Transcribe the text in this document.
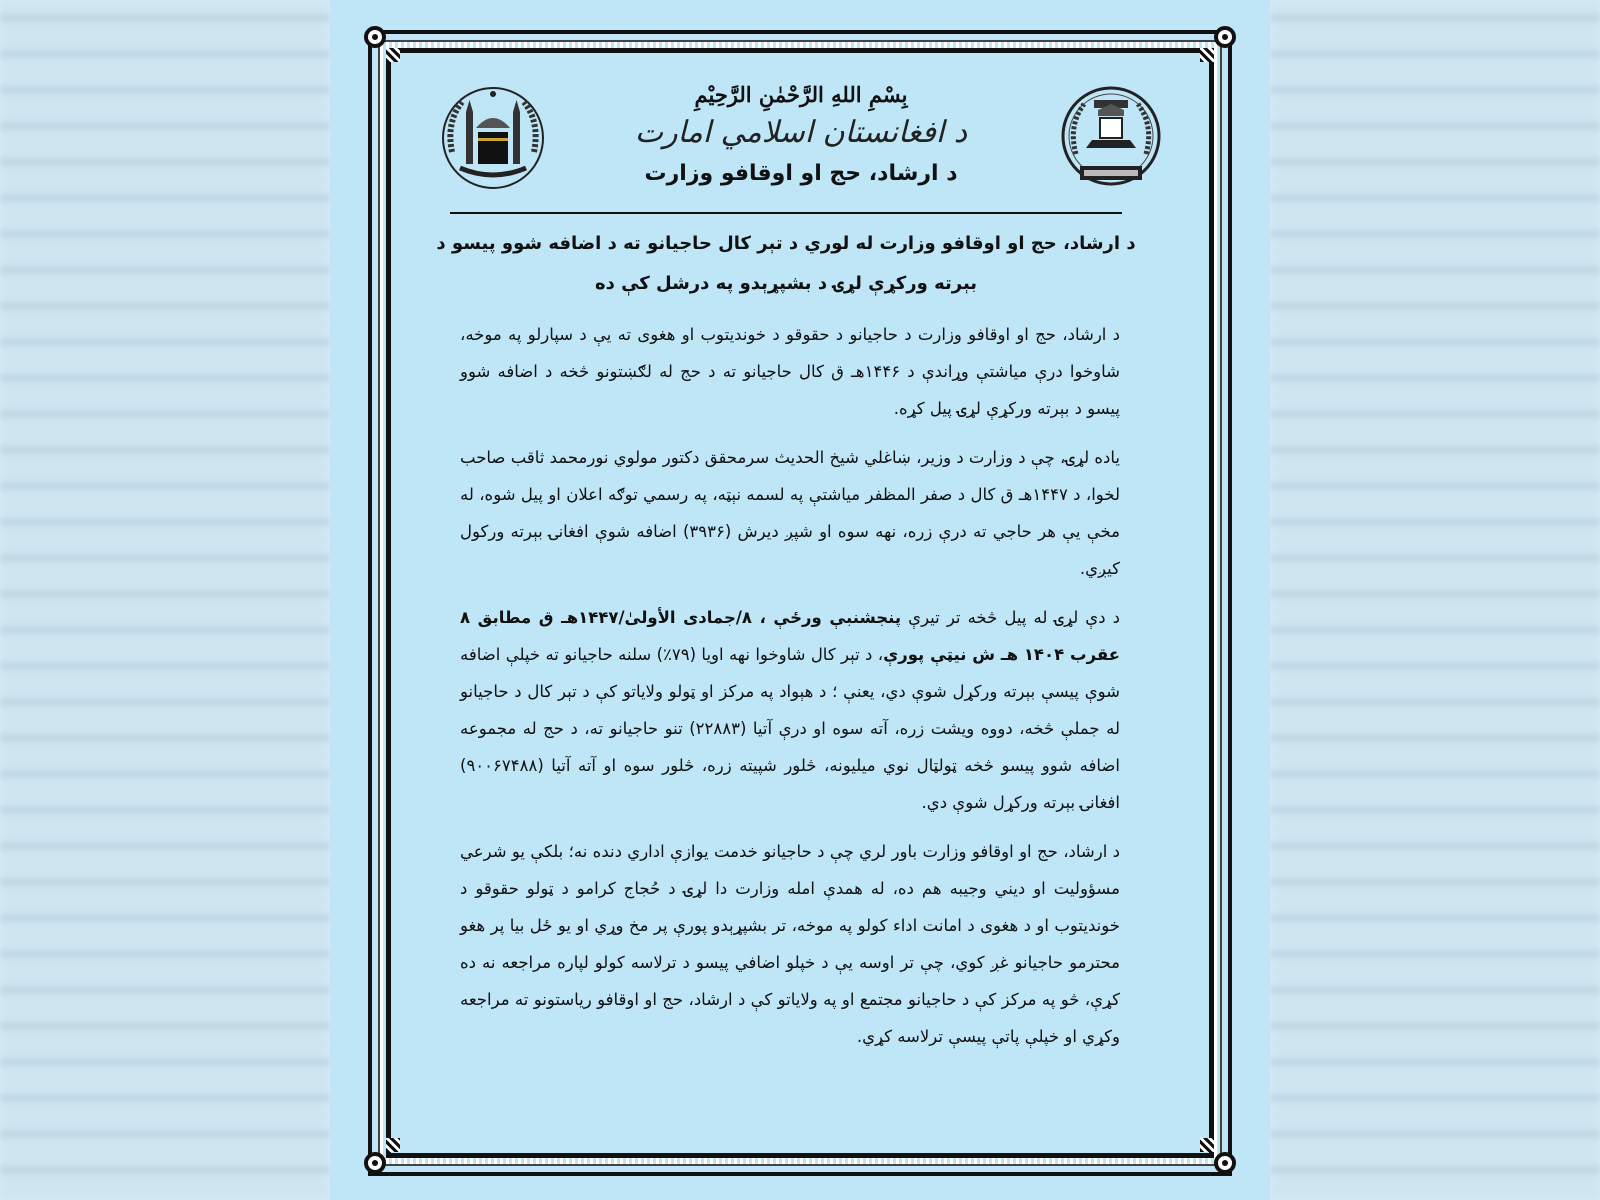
بِسْمِ اللهِ الرَّحْمٰنِ الرَّحِيْمِ
د افغانستان اسلامي امارت
د ارشاد، حج او اوقافو وزارت
د ارشاد، حج او اوقافو وزارت له لوري د تېر کال حاجیانو ته د اضافه شوو پیسو د
بېرته ورکړې لړۍ د بشپړېدو په درشل کې ده

د ارشاد، حج او اوقافو وزارت د حاجیانو د حقوقو د خوندیتوب او هغوی ته یې د سپارلو په موخه، شاوخوا درې میاشتې وړاندې د ۱۴۴۶هـ ق کال حاجیانو ته د حج له لګښتونو څخه د اضافه شوو پیسو د بېرته ورکړې لړۍ پیل کړه.

یاده لړۍ، چې د وزارت د وزیر، ښاغلي شیخ الحدیث سرمحقق دکتور مولوي نورمحمد ثاقب صاحب لخوا، د ۱۴۴۷هـ ق کال د صفر المظفر میاشتې په لسمه نېټه، په رسمي توګه اعلان او پیل شوه، له مخې یې هر حاجي ته درې زره، نهه سوه او شپږ دیرش (۳۹۳۶) اضافه شوې افغانۍ بېرته ورکول کیږي.

د دې لړۍ له پیل څخه تر تیرې پنجشنبې ورځې ، ۸/جمادی الأولیٰ/۱۴۴۷هـ ق مطابق ۸ عقرب ۱۴۰۴ هـ ش نیټې پورې، د تېر کال شاوخوا نهه اویا (۷۹٪) سلنه حاجیانو ته خپلې اضافه شوې پیسې بېرته ورکړل شوې دي، یعنې ؛ د هېواد په مرکز او ټولو ولایاتو کې د تېر کال د حاجیانو له جملې څخه، دووه ویشت زره، آته سوه او درې آتیا (۲۲۸۸۳) تنو حاجیانو ته، د حج له مجموعه اضافه شوو پیسو څخه ټولټال نوي میلیونه، څلور شپیته زره، څلور سوه او آته آتیا (۹۰۰۶۷۴۸۸) افغانۍ بېرته ورکړل شوې دي.

د ارشاد، حج او اوقافو وزارت باور لري چې د حاجیانو خدمت یوازې اداري دنده نه؛ بلکې یو شرعي مسؤولیت او دیني وجیبه هم ده، له همدې امله وزارت دا لړۍ د حُجاج کرامو د ټولو حقوقو د خوندیتوب او د هغوی د امانت اداء کولو په موخه، تر بشپړېدو پورې پر مخ وړي او یو ځل بیا پر هغو محترمو حاجیانو غږ کوي، چې تر اوسه یې د خپلو اضافي پیسو د ترلاسه کولو لپاره مراجعه نه ده کړې، څو په مرکز کې د حاجیانو مجتمع او په ولایاتو کې د ارشاد، حج او اوقافو ریاستونو ته مراجعه وکړي او خپلې پاتې پیسې ترلاسه کړي.
